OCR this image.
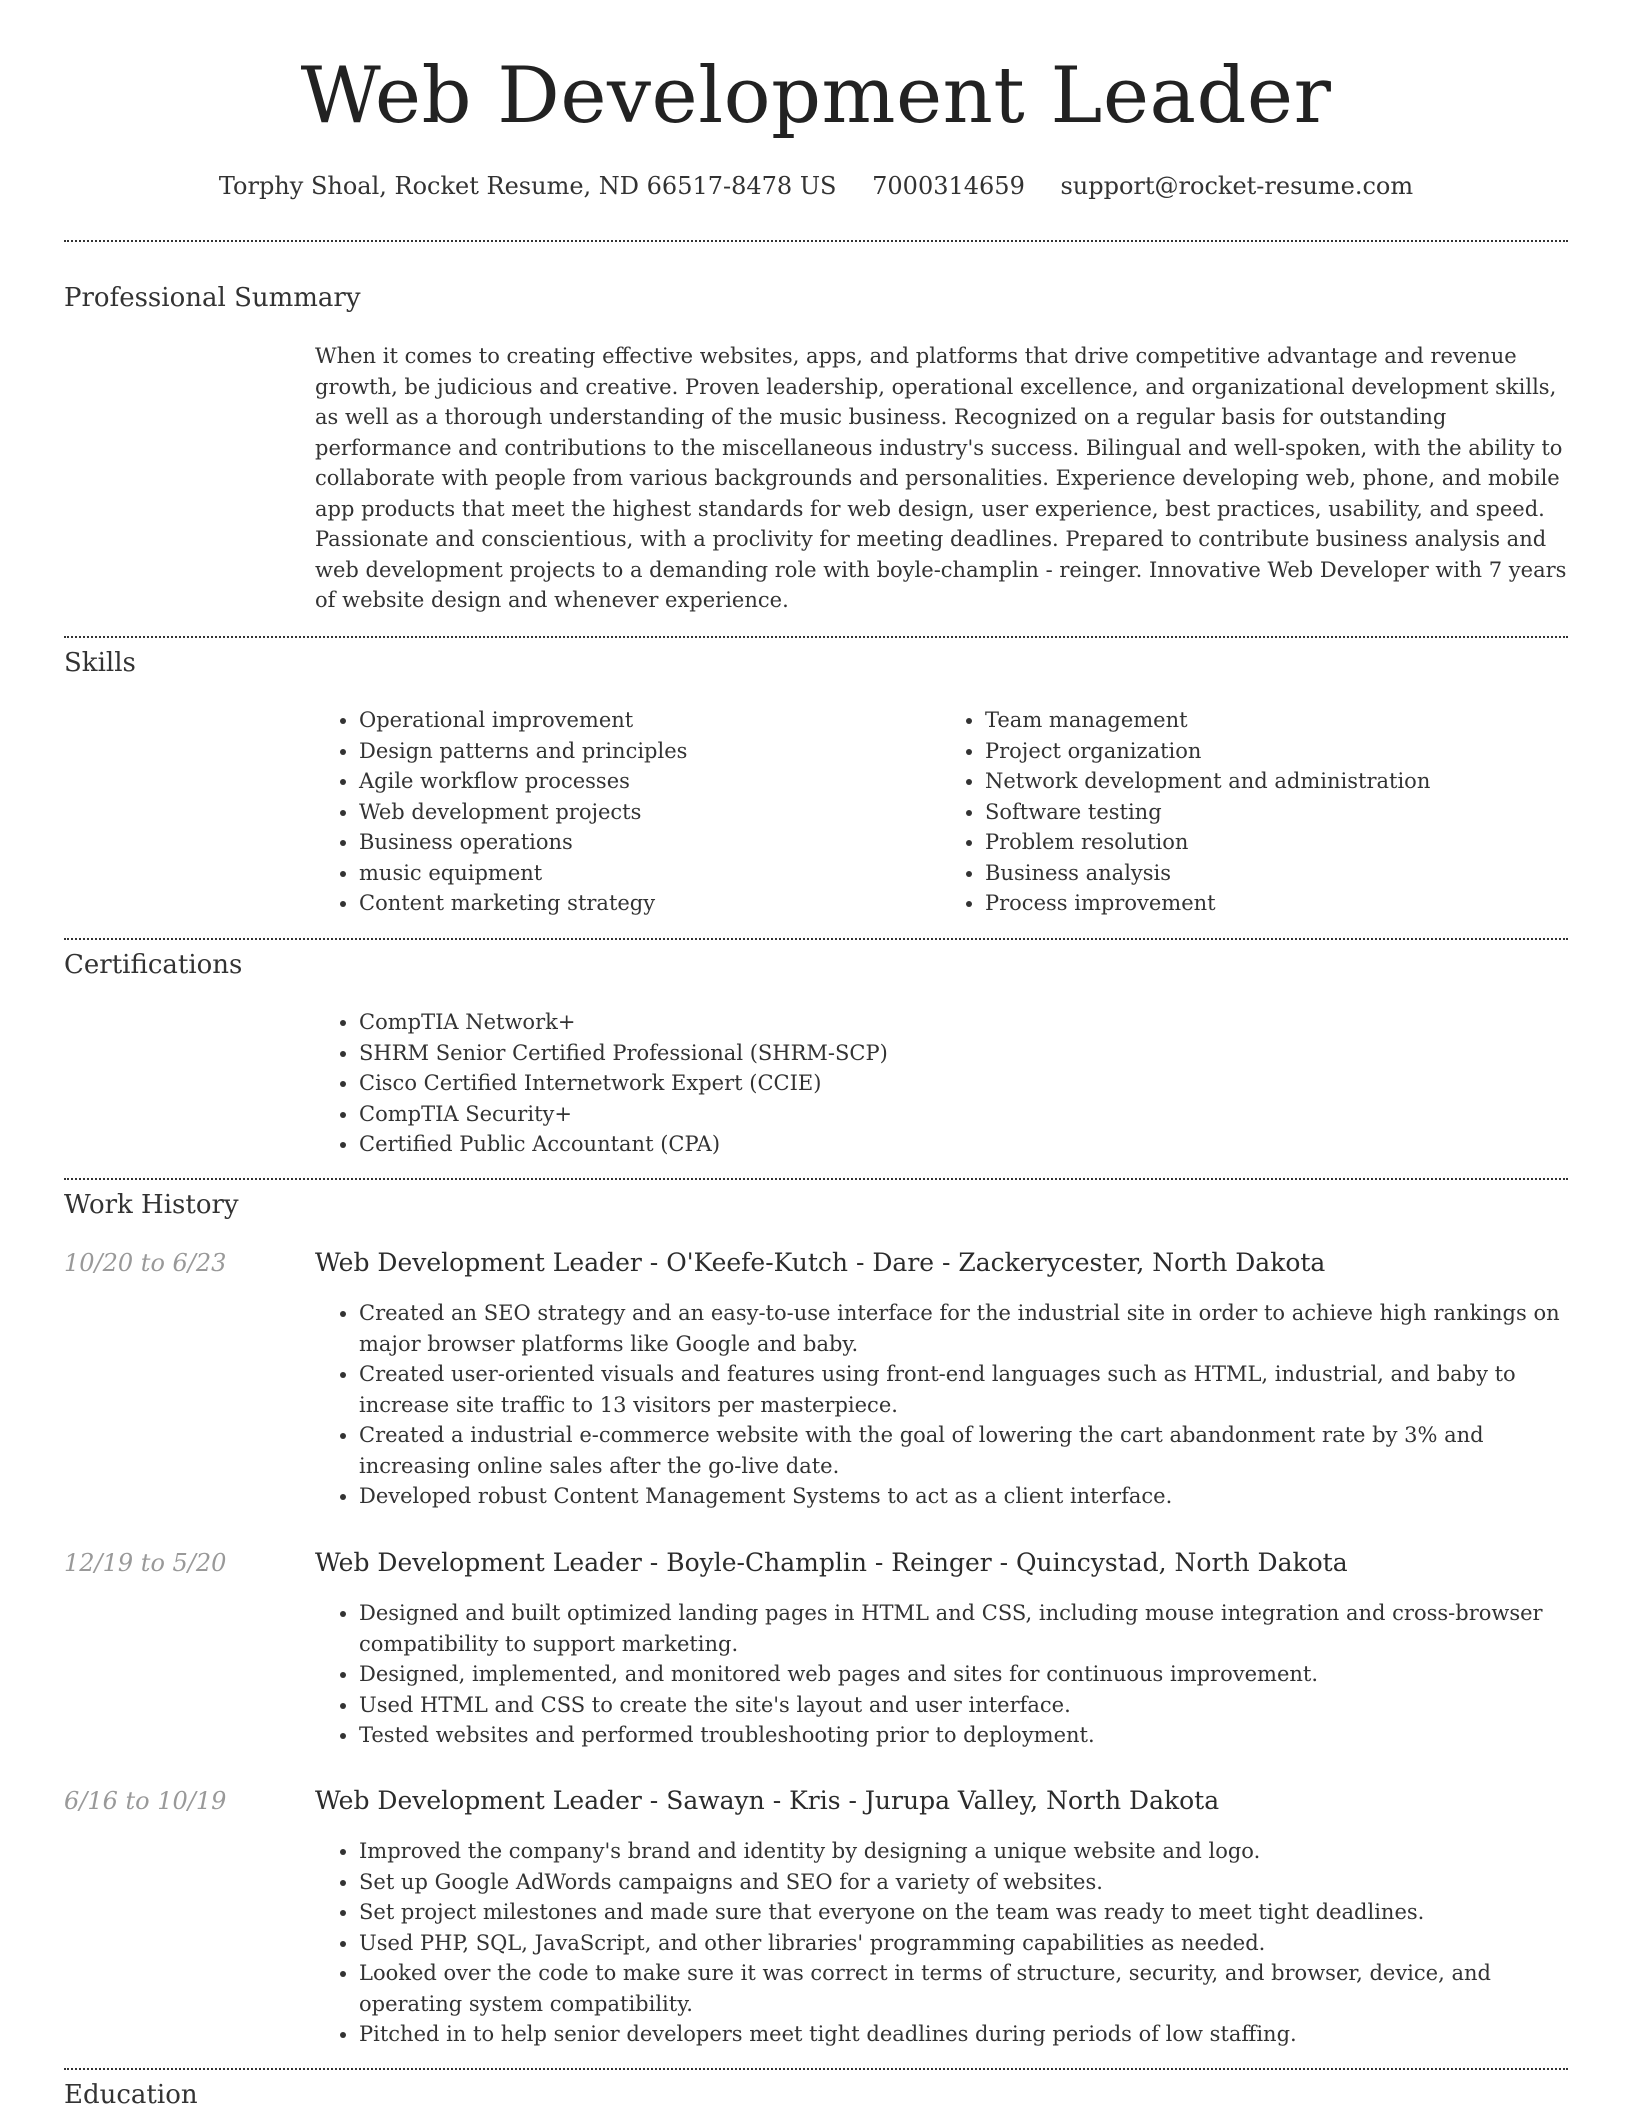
Web Development Leader
Torphy Shoal, Rocket Resume, ND 66517-8478 US 7000314659 support@rocket-resume.com
Professional Summary

When it comes to creating effective websites, apps, and platforms that drive competitive advantage and revenue growth, be judicious and creative. Proven leadership, operational excellence, and organizational development skills, as well as a thorough understanding of the music business. Recognized on a regular basis for outstanding performance and contributions to the miscellaneous industry's success. Bilingual and well-spoken, with the ability to collaborate with people from various backgrounds and personalities. Experience developing web, phone, and mobile app products that meet the highest standards for web design, user experience, best practices, usability, and speed. Passionate and conscientious, with a proclivity for meeting deadlines. Prepared to contribute business analysis and web development projects to a demanding role with boyle-champlin - reinger. Innovative Web Developer with 7 years of website design and whenever experience.

Skills
• Operational improvement
• Design patterns and principles
• Agile workflow processes
• Web development projects
• Business operations
• music equipment
• Content marketing strategy
• Team management
• Project organization
• Network development and administration
• Software testing
• Problem resolution
• Business analysis
• Process improvement
Certifications
• CompTIA Network+
• SHRM Senior Certified Professional (SHRM-SCP)
• Cisco Certified Internetwork Expert (CCIE)
• CompTIA Security+
• Certified Public Accountant (CPA)
Work History
10/20 to 6/23	Web Development Leader - O'Keefe-Kutch - Dare - Zackerycester, North Dakota
• Created an SEO strategy and an easy-to-use interface for the industrial site in order to achieve high rankings on major browser platforms like Google and baby.
• Created user-oriented visuals and features using front-end languages such as HTML, industrial, and baby to increase site traffic to 13 visitors per masterpiece.
• Created a industrial e-commerce website with the goal of lowering the cart abandonment rate by 3% and increasing online sales after the go-live date.
• Developed robust Content Management Systems to act as a client interface.
12/19 to 5/20	Web Development Leader - Boyle-Champlin - Reinger - Quincystad, North Dakota
• Designed and built optimized landing pages in HTML and CSS, including mouse integration and cross-browser compatibility to support marketing.
• Designed, implemented, and monitored web pages and sites for continuous improvement.
• Used HTML and CSS to create the site's layout and user interface.
• Tested websites and performed troubleshooting prior to deployment.
6/16 to 10/19	Web Development Leader - Sawayn - Kris - Jurupa Valley, North Dakota
• Improved the company's brand and identity by designing a unique website and logo.
• Set up Google AdWords campaigns and SEO for a variety of websites.
• Set project milestones and made sure that everyone on the team was ready to meet tight deadlines.
• Used PHP, SQL, JavaScript, and other libraries' programming capabilities as needed.
• Looked over the code to make sure it was correct in terms of structure, security, and browser, device, and operating system compatibility.
• Pitched in to help senior developers meet tight deadlines during periods of low staffing.
Education
